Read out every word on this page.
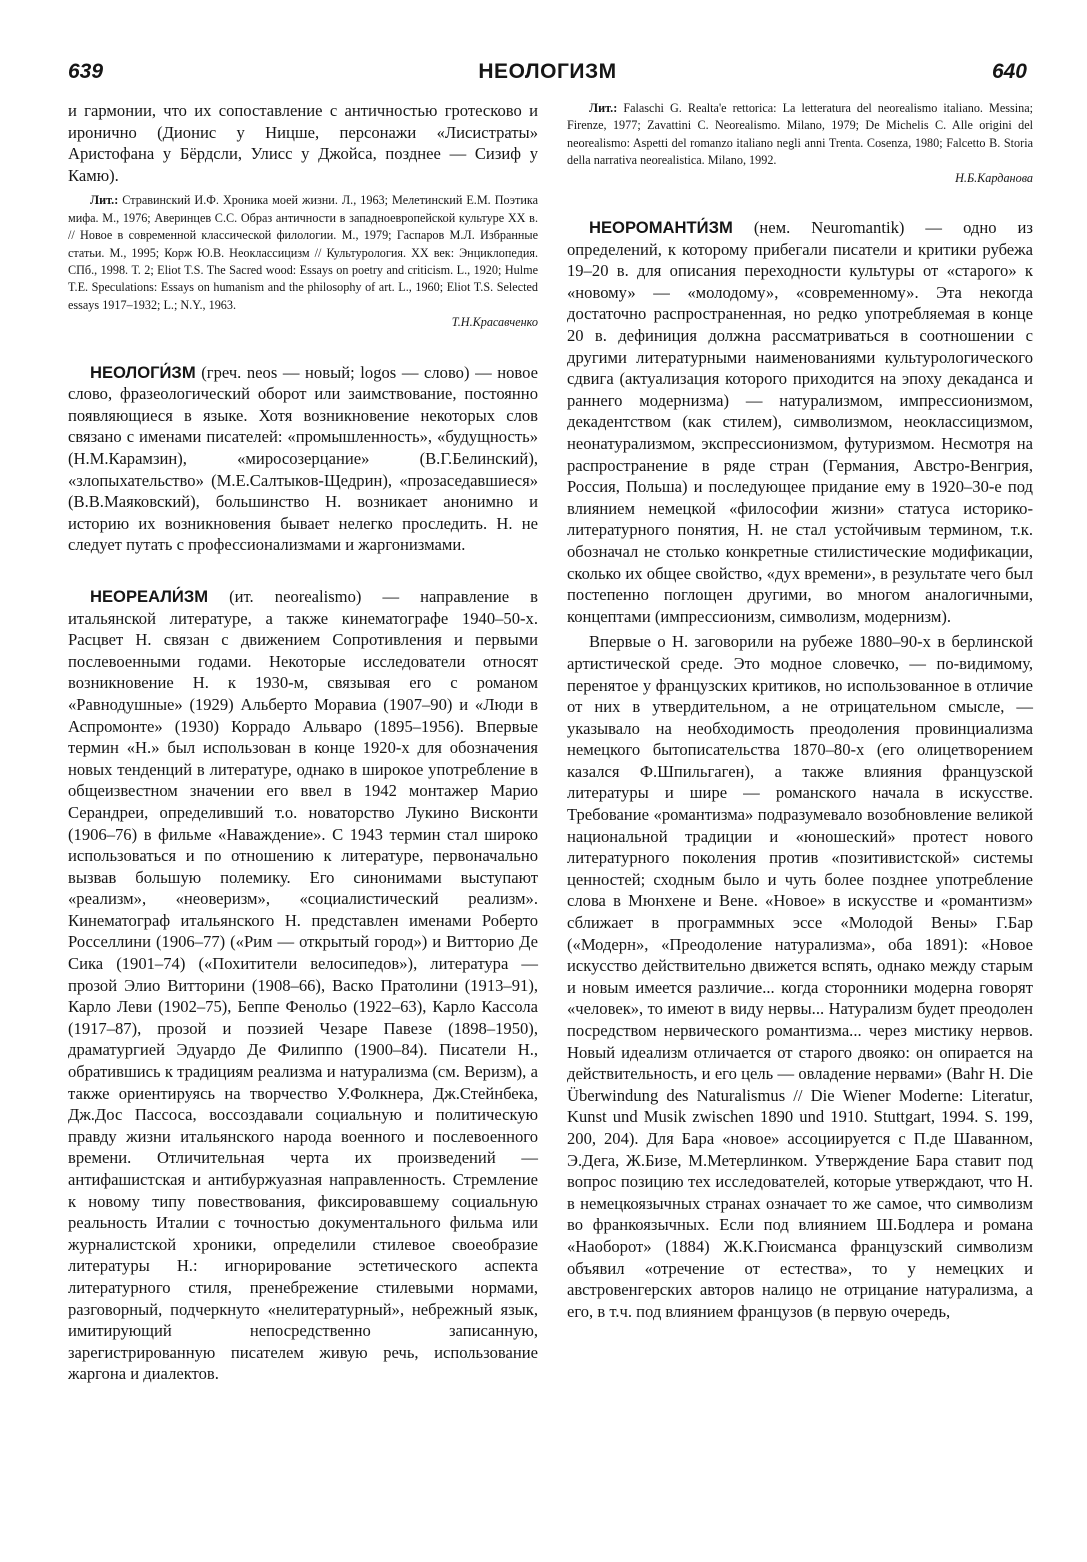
639	НЕОЛОГИЗМ	640

и гармонии, что их сопоставление с античностью гротесково и иронично (Дионис у Ницше, персонажи «Лисистраты» Аристофана у Бёрдсли, Улисс у Джойса, позднее — Сизиф у Камю).

Лит.: Стравинский И.Ф. Хроника моей жизни. Л., 1963; Мелетинский Е.М. Поэтика мифа. М., 1976; Аверинцев С.С. Образ античности в западноевропейской культуре XX в. // Новое в современной классической филологии. М., 1979; Гаспаров М.Л. Избранные статьи. М., 1995; Корж Ю.В. Неоклассицизм // Культурология. XX век: Энциклопедия. СПб., 1998. Т. 2; Eliot T.S. The Sacred wood: Essays on poetry and criticism. L., 1920; Hulme T.E. Speculations: Essays on humanism and the philosophy of art. L., 1960; Eliot T.S. Selected essays 1917–1932; L.; N.Y., 1963.
Т.Н.Красавченко

НЕОЛОГИ́ЗМ (греч. neos — новый; logos — слово) — новое слово, фразеологический оборот или заимствование, постоянно появляющиеся в языке. Хотя возникновение некоторых слов связано с именами писателей: «промышленность», «будущность» (Н.М.Карамзин), «миросозерцание» (В.Г.Белинский), «злопыхательство» (М.Е.Салтыков-Щедрин), «прозаседавшиеся» (В.В.Маяковский), большинство Н. возникает анонимно и историю их возникновения бывает нелегко проследить. Н. не следует путать с профессионализмами и жаргонизмами.

НЕОРЕАЛИ́ЗМ (ит. neorealismo) — направление в итальянской литературе, а также кинематографе 1940–50-х. Расцвет Н. связан с движением Сопротивления и первыми послевоенными годами. Некоторые исследователи относят возникновение Н. к 1930-м, связывая его с романом «Равнодушные» (1929) Альберто Моравиа (1907–90) и «Люди в Аспромонте» (1930) Коррадо Альваро (1895–1956). Впервые термин «Н.» был использован в конце 1920-х для обозначения новых тенденций в литературе, однако в широкое употребление в общеизвестном значении его ввел в 1942 монтажер Марио Серандреи, определивший т.о. новаторство Лукино Висконти (1906–76) в фильме «Наваждение». С 1943 термин стал широко использоваться и по отношению к литературе, первоначально вызвав большую полемику. Его синонимами выступают «реализм», «неоверизм», «социалистический реализм». Кинематограф итальянского Н. представлен именами Роберто Росселлини (1906–77) («Рим — открытый город») и Витторио Де Сика (1901–74) («Похитители велосипедов»), литература — прозой Элио Витторини (1908–66), Васко Пратолини (1913–91), Карло Леви (1902–75), Беппе Фенольо (1922–63), Карло Кассола (1917–87), прозой и поэзией Чезаре Павезе (1898–1950), драматургией Эдуардо Де Филиппо (1900–84). Писатели Н., обратившись к традициям реализма и натурализма (см. Веризм), а также ориентируясь на творчество У.Фолкнера, Дж.Стейнбека, Дж.Дос Пассоса, воссоздавали социальную и политическую правду жизни итальянского народа военного и послевоенного времени. Отличительная черта их произведений — антифашистская и антибуржуазная направленность. Стремление к новому типу повествования, фиксировавшему социальную реальность Италии с точностью документального фильма или журналистской хроники, определили стилевое своеобразие литературы Н.: игнорирование эстетического аспекта литературного стиля, пренебрежение стилевыми нормами, разговорный, подчеркнуто «нелитературный», небрежный язык, имитирующий непосредственно записанную, зарегистрированную писателем живую речь, использование жаргона и диалектов.

Лит.: Falaschi G. Realta'e rettorica: La letteratura del neorealismo italiano. Messina; Firenze, 1977; Zavattini C. Neorealismo. Milano, 1979; De Michelis C. Alle origini del neorealismo: Aspetti del romanzo italiano negli anni Trenta. Cosenza, 1980; Falcetto B. Storia della narrativa neorealistica. Milano, 1992.
Н.Б.Карданова

НЕОРОМАНТИ́ЗМ (нем. Neuromantik) — одно из определений, к которому прибегали писатели и критики рубежа 19–20 в. для описания переходности культуры от «старого» к «новому» — «молодому», «современному». Эта некогда достаточно распространенная, но редко употребляемая в конце 20 в. дефиниция должна рассматриваться в соотношении с другими литературными наименованиями культурологического сдвига (актуализация которого приходится на эпоху декаданса и раннего модернизма) — натурализмом, импрессионизмом, декадентством (как стилем), символизмом, неоклассицизмом, неонатурализмом, экспрессионизмом, футуризмом. Несмотря на распространение в ряде стран (Германия, Австро-Венгрия, Россия, Польша) и последующее придание ему в 1920–30-е под влиянием немецкой «философии жизни» статуса историко-литературного понятия, Н. не стал устойчивым термином, т.к. обозначал не столько конкретные стилистические модификации, сколько их общее свойство, «дух времени», в результате чего был постепенно поглощен другими, во многом аналогичными, концептами (импрессионизм, символизм, модернизм).

Впервые о Н. заговорили на рубеже 1880–90-х в берлинской артистической среде. Это модное словечко, — по-видимому, перенятое у французских критиков, но использованное в отличие от них в утвердительном, а не отрицательном смысле, — указывало на необходимость преодоления провинциализма немецкого бытописательства 1870–80-х (его олицетворением казался Ф.Шпильгаген), а также влияния французской литературы и шире — романского начала в искусстве. Требование «романтизма» подразумевало возобновление великой национальной традиции и «юношеский» протест нового литературного поколения против «позитивистской» системы ценностей; сходным было и чуть более позднее употребление слова в Мюнхене и Вене. «Новое» в искусстве и «романтизм» сближает в программных эссе «Молодой Вены» Г.Бар («Модерн», «Преодоление натурализма», оба 1891): «Новое искусство действительно движется вспять, однако между старым и новым имеется различие... когда сторонники модерна говорят «человек», то имеют в виду нервы... Натурализм будет преодолен посредством нервического романтизма... через мистику нервов. Новый идеализм отличается от старого двояко: он опирается на действительность, и его цель — овладение нервами» (Bahr H. Die Überwindung des Naturalismus // Die Wiener Moderne: Literatur, Kunst und Musik zwischen 1890 und 1910. Stuttgart, 1994. S. 199, 200, 204). Для Бара «новое» ассоциируется с П.де Шаванном, Э.Дега, Ж.Бизе, М.Метерлинком. Утверждение Бара ставит под вопрос позицию тех исследователей, которые утверждают, что Н. в немецкоязычных странах означает то же самое, что символизм во франкоязычных. Если под влиянием Ш.Бодлера и романа «Наоборот» (1884) Ж.К.Гюисманса французский символизм объявил «отречение от естества», то у немецких и австровенгерских авторов налицо не отрицание натурализма, а его, в т.ч. под влиянием французов (в первую очередь,
